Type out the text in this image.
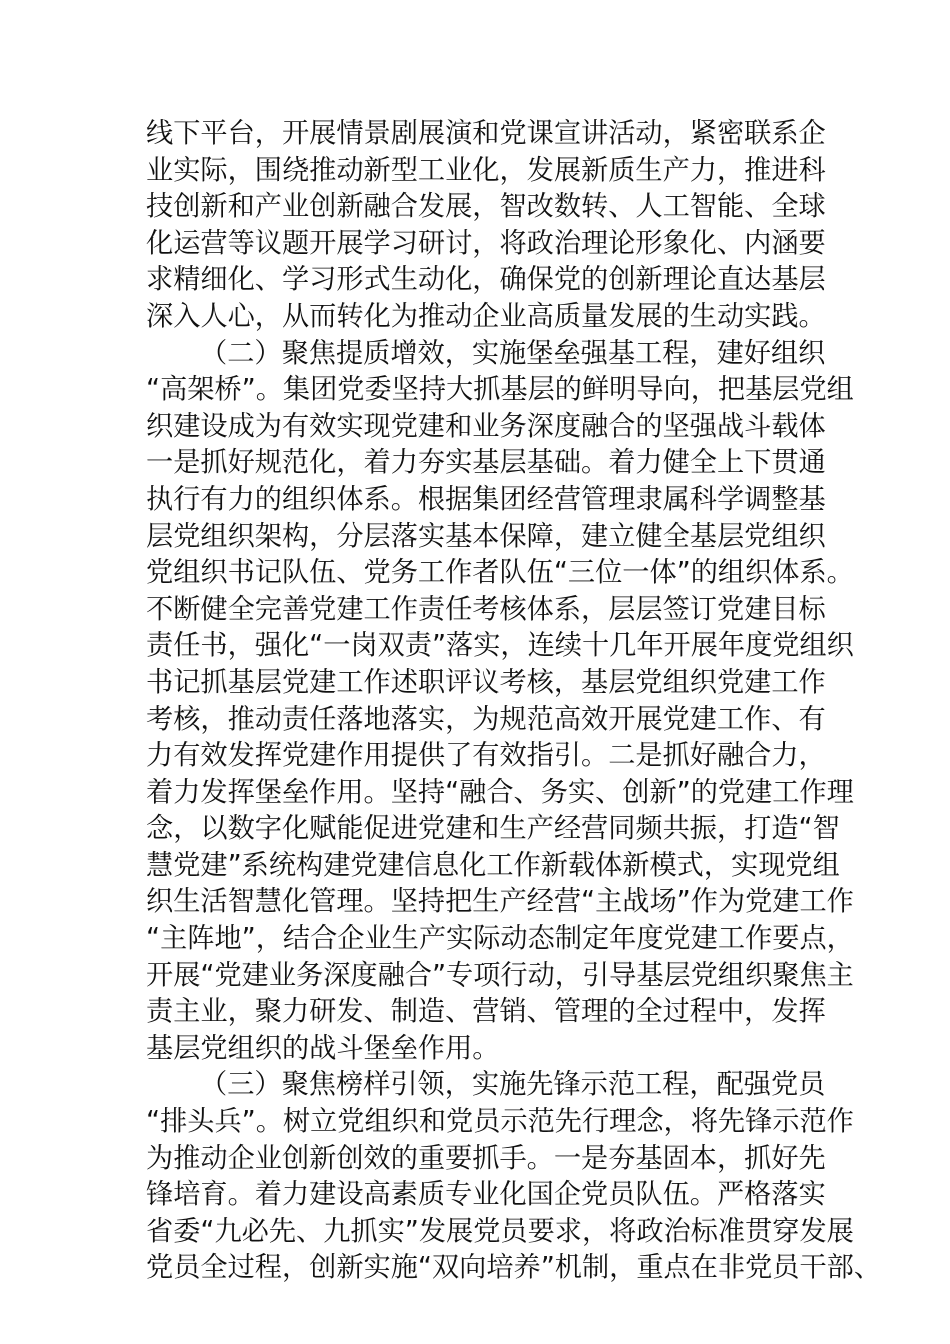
线下平台，开展情景剧展演和党课宣讲活动，紧密联系企
业实际，围绕推动新型工业化，发展新质生产力，推进科
技创新和产业创新融合发展，智改数转、人工智能、全球
化运营等议题开展学习研讨，将政治理论形象化、内涵要
求精细化、学习形式生动化，确保党的创新理论直达基层
深入人心，从而转化为推动企业高质量发展的生动实践。
（二）聚焦提质增效，实施堡垒强基工程，建好组织
“高架桥”。集团党委坚持大抓基层的鲜明导向，把基层党组
织建设成为有效实现党建和业务深度融合的坚强战斗载体
一是抓好规范化，着力夯实基层基础。着力健全上下贯通
执行有力的组织体系。根据集团经营管理隶属科学调整基
层党组织架构，分层落实基本保障，建立健全基层党组织
党组织书记队伍、党务工作者队伍“三位一体”的组织体系。
不断健全完善党建工作责任考核体系，层层签订党建目标
责任书，强化“一岗双责”落实，连续十几年开展年度党组织
书记抓基层党建工作述职评议考核，基层党组织党建工作
考核，推动责任落地落实，为规范高效开展党建工作、有
力有效发挥党建作用提供了有效指引。二是抓好融合力，
着力发挥堡垒作用。坚持“融合、务实、创新”的党建工作理
念，以数字化赋能促进党建和生产经营同频共振，打造“智
慧党建”系统构建党建信息化工作新载体新模式，实现党组
织生活智慧化管理。坚持把生产经营“主战场”作为党建工作
“主阵地”，结合企业生产实际动态制定年度党建工作要点，
开展“党建业务深度融合”专项行动，引导基层党组织聚焦主
责主业，聚力研发、制造、营销、管理的全过程中，发挥
基层党组织的战斗堡垒作用。
（三）聚焦榜样引领，实施先锋示范工程，配强党员
“排头兵”。树立党组织和党员示范先行理念，将先锋示范作
为推动企业创新创效的重要抓手。一是夯基固本，抓好先
锋培育。着力建设高素质专业化国企党员队伍。严格落实
省委“九必先、九抓实”发展党员要求，将政治标准贯穿发展
党员全过程，创新实施“双向培养”机制，重点在非党员干部、
